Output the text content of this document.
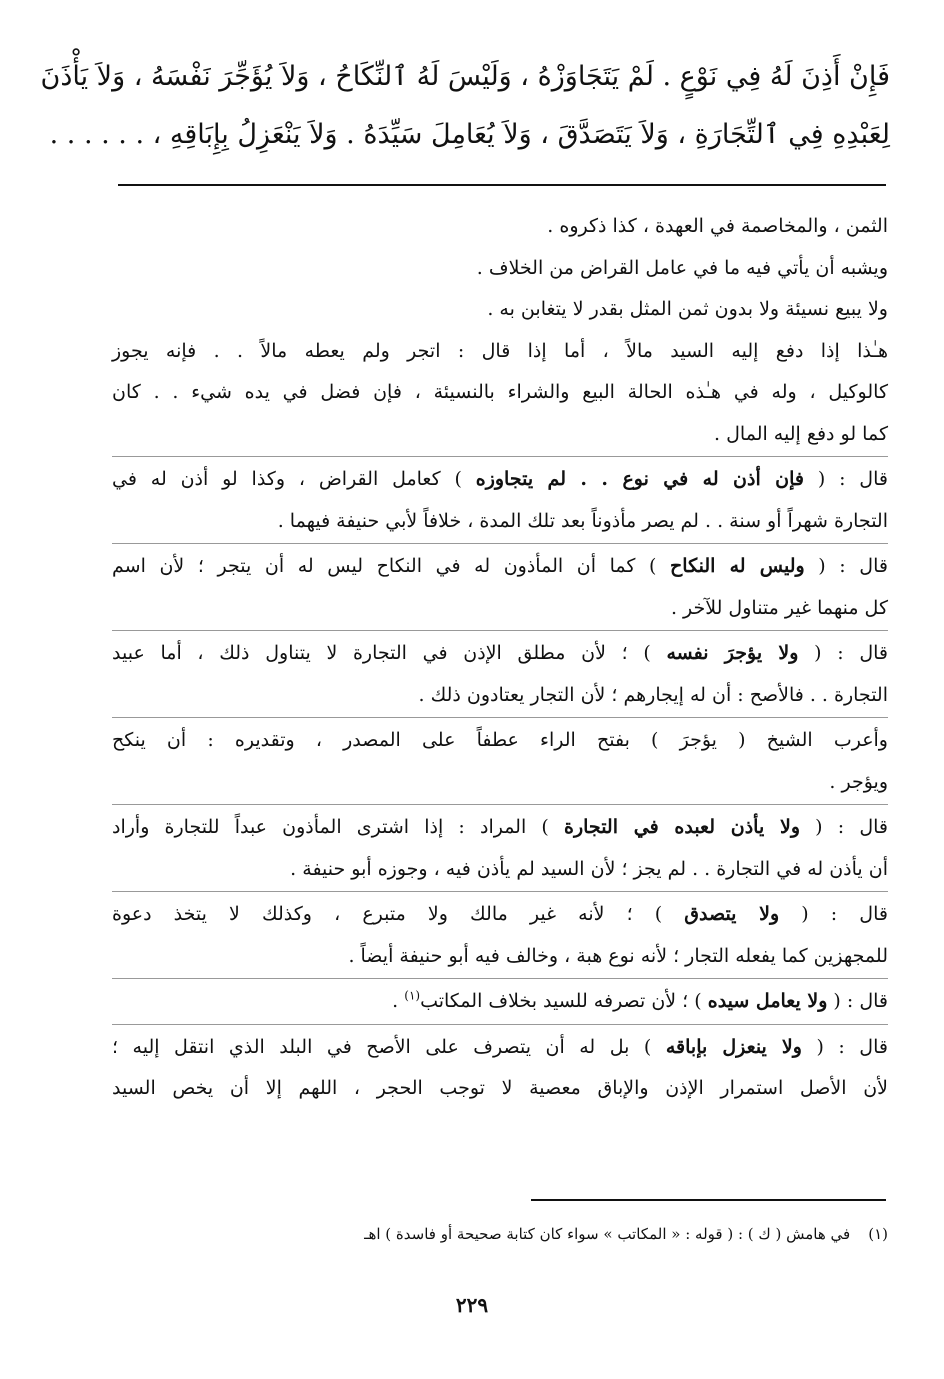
فَإِنْ أَذِنَ لَهُ فِي نَوْعٍ . لَمْ يَتَجَاوَزْهُ ، وَلَيْسَ لَهُ ٱلنِّكَاحُ ، وَلاَ يُؤَجِّرَ نَفْسَهُ ، وَلاَ يَأْذَنَ
لِعَبْدِهِ فِي ٱلتِّجَارَةِ ، وَلاَ يَتَصَدَّقَ ، وَلاَ يُعَامِلَ سَيِّدَهُ . وَلاَ يَنْعَزِلُ بِإِبَاقِهِ ، . . . . . .

الثمن ، والمخاصمة في العهدة ، كذا ذكروه .

ويشبه أن يأتي فيه ما في عامل القراض من الخلاف .

ولا يبيع نسيئة ولا بدون ثمن المثل بقدر لا يتغابن به .

هـٰذا إذا دفع إليه السيد مالاً ، أما إذا قال : اتجر ولم يعطه مالاً . . فإنه يجوز
كالوكيل ، وله في هـٰذه الحالة البيع والشراء بالنسيئة ، فإن فضل في يده شيء . . كان
كما لو دفع إليه المال .

قال : ( فإن أذن له في نوع . . لم يتجاوزه ) كعامل القراض ، وكذا لو أذن له في
التجارة شهراً أو سنة . . لم يصر مأذوناً بعد تلك المدة ، خلافاً لأبي حنيفة فيهما .

قال : ( وليس له النكاح ) كما أن المأذون له في النكاح ليس له أن يتجر ؛ لأن اسم
كل منهما غير متناول للآخر .

قال : ( ولا يؤجرَ نفسه ) ؛ لأن مطلق الإذن في التجارة لا يتناول ذلك ، أما عبيد
التجارة . . فالأصح : أن له إيجارهم ؛ لأن التجار يعتادون ذلك .

وأعرب الشيخ ( يؤجرَ ) بفتح الراء عطفاً على المصدر ، وتقديره : أن ينكح
ويؤجر .

قال : ( ولا يأذن لعبده في التجارة ) المراد : إذا اشترى المأذون عبداً للتجارة وأراد
أن يأذن له في التجارة . . لم يجز ؛ لأن السيد لم يأذن فيه ، وجوزه أبو حنيفة .

قال : ( ولا يتصدق ) ؛ لأنه غير مالك ولا متبرع ، وكذلك لا يتخذ دعوة
للمجهزين كما يفعله التجار ؛ لأنه نوع هبة ، وخالف فيه أبو حنيفة أيضاً .

قال : ( ولا يعامل سيده ) ؛ لأن تصرفه للسيد بخلاف المكاتب$^{(١)}$ .

قال : ( ولا ينعزل بإباقه ) بل له أن يتصرف على الأصح في البلد الذي انتقل إليه ؛
لأن الأصل استمرار الإذن والإباق معصية لا توجب الحجر ، اللهم إلا أن يخص السيد

(١)في هامش ( ك ) : ( قوله : « المكاتب » سواء كان كتابة صحيحة أو فاسدة ) اهـ
٢٢٩
